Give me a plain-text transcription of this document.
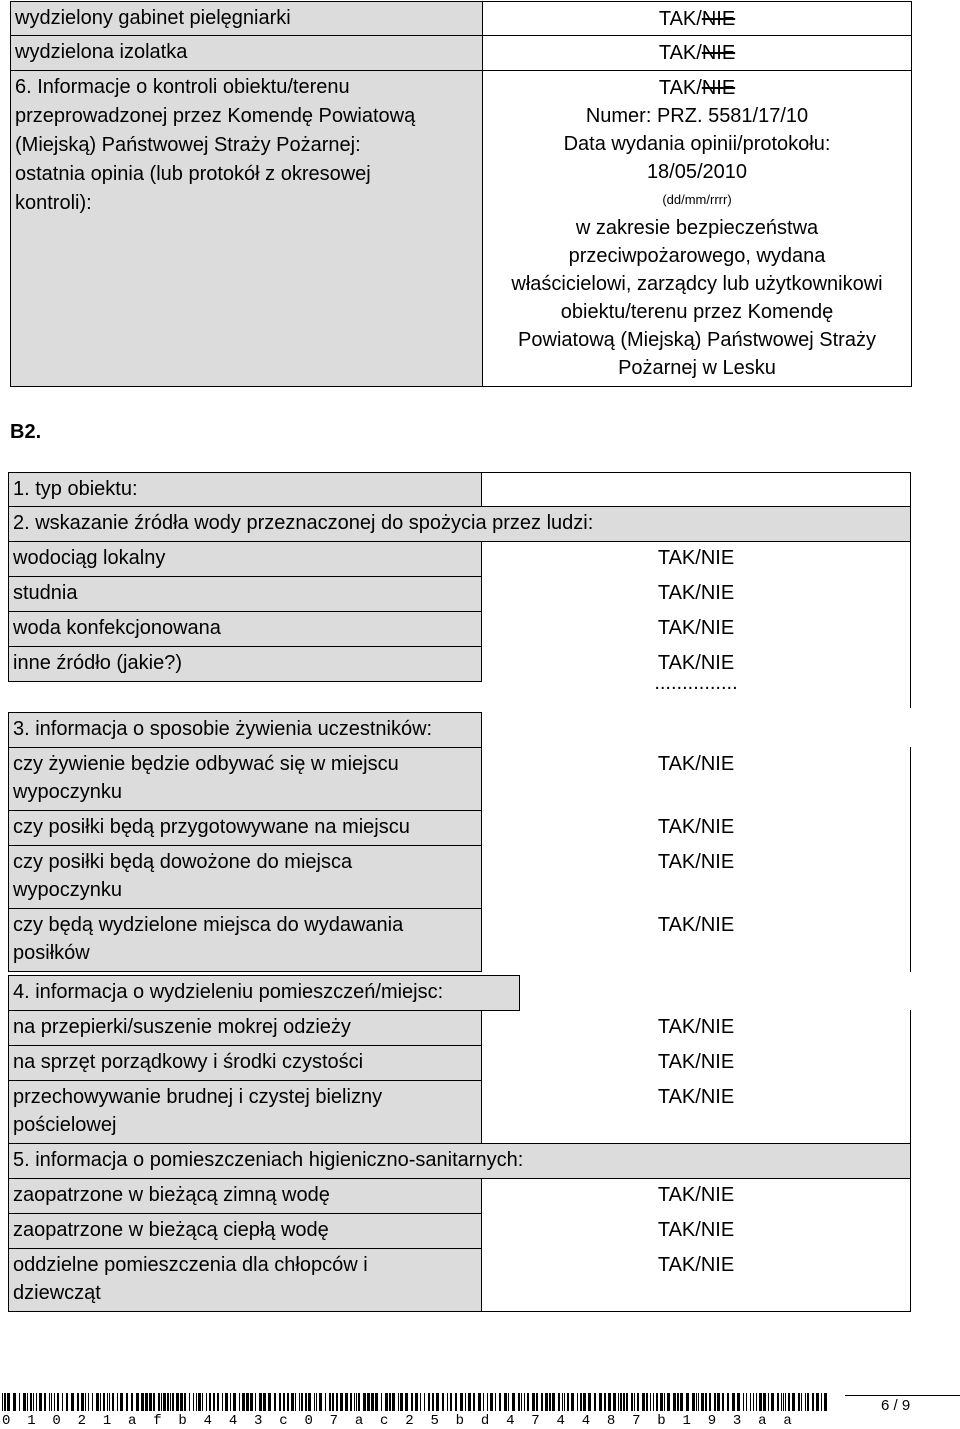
wydzielony gabinet pielęgniarki	TAK/NIE
wydzielona izolatka	TAK/NIE
6. Informacje o kontroli obiektu/terenu
przeprowadzonej przez Komendę Powiatową
(Miejską) Państwowej Straży Pożarnej:
ostatnia opinia (lub protokół z okresowej
kontroli):
TAK/NIE
Numer: PRZ. 5581/17/10
Data wydania opinii/protokołu:
18/05/2010
(dd/mm/rrrr)
w zakresie bezpieczeństwa
przeciwpożarowego, wydana
właścicielowi, zarządcy lub użytkownikowi
obiektu/terenu przez Komendę
Powiatową (Miejską) Państwowej Straży
Pożarnej w Lesku
B2.
1. typ obiektu:
2. wskazanie źródła wody przeznaczonej do spożycia przez ludzi:
wodociąg lokalny	TAK/NIE
studnia	TAK/NIE
woda konfekcjonowana	TAK/NIE
inne źródło (jakie?)	TAK/NIE
...............
3. informacja o sposobie żywienia uczestników:
czy żywienie będzie odbywać się w miejscu
wypoczynku
TAK/NIE
czy posiłki będą przygotowywane na miejscu	TAK/NIE
czy posiłki będą dowożone do miejsca
wypoczynku
TAK/NIE
czy będą wydzielone miejsca do wydawania
posiłków
TAK/NIE
4. informacja o wydzieleniu pomieszczeń/miejsc:
na przepierki/suszenie mokrej odzieży	TAK/NIE
na sprzęt porządkowy i środki czystości	TAK/NIE
przechowywanie brudnej i czystej bielizny
pościelowej
TAK/NIE
5. informacja o pomieszczeniach higieniczno-sanitarnych:
zaopatrzone w bieżącą zimną wodę	TAK/NIE
zaopatrzone w bieżącą ciepłą wodę	TAK/NIE
oddzielne pomieszczenia dla chłopców i
dziewcząt
TAK/NIE
0  1  0  2  1  a  f  b  4  4  3  c  0  7  a  c  2  5  b  d  4  7  4  4  8  7  b  1  9  3  a  a
6 / 9
